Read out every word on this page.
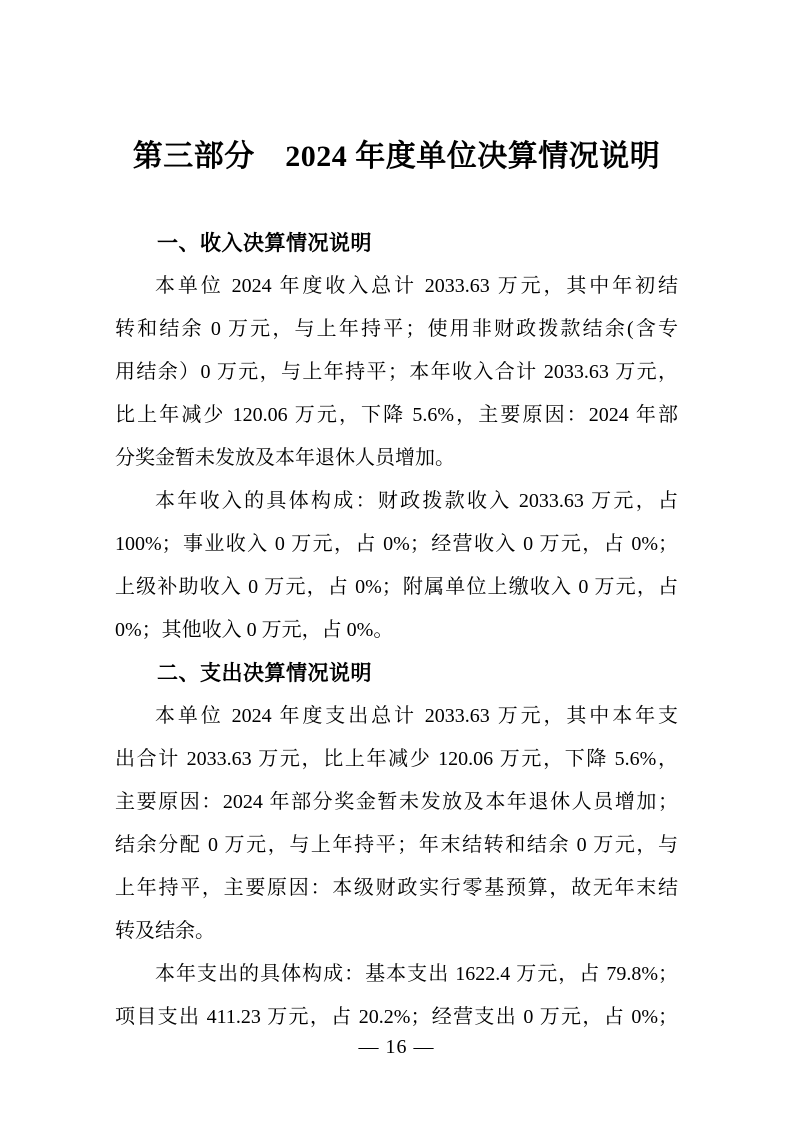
第三部分　2024 年度单位决算情况说明
一、收入决算情况说明
本单位 2024 年度收入总计 2033.63 万元，其中年初结
转和结余 0 万元，与上年持平；使用非财政拨款结余(含专
用结余）0 万元，与上年持平；本年收入合计 2033.63 万元，
比上年减少 120.06 万元，下降 5.6%，主要原因：2024 年部
分奖金暂未发放及本年退休人员增加。
本年收入的具体构成：财政拨款收入 2033.63 万元，占
100%；事业收入 0 万元，占 0%；经营收入 0 万元，占 0%；
上级补助收入 0 万元，占 0%；附属单位上缴收入 0 万元，占
0%；其他收入 0 万元，占 0%。
二、支出决算情况说明
本单位 2024 年度支出总计 2033.63 万元，其中本年支
出合计 2033.63 万元，比上年减少 120.06 万元，下降 5.6%，
主要原因：2024 年部分奖金暂未发放及本年退休人员增加；
结余分配 0 万元，与上年持平；年末结转和结余 0 万元，与
上年持平，主要原因：本级财政实行零基预算，故无年末结
转及结余。
本年支出的具体构成：基本支出 1622.4 万元，占 79.8%；
项目支出 411.23 万元，占 20.2%；经营支出 0 万元，占 0%；
— 16 —
